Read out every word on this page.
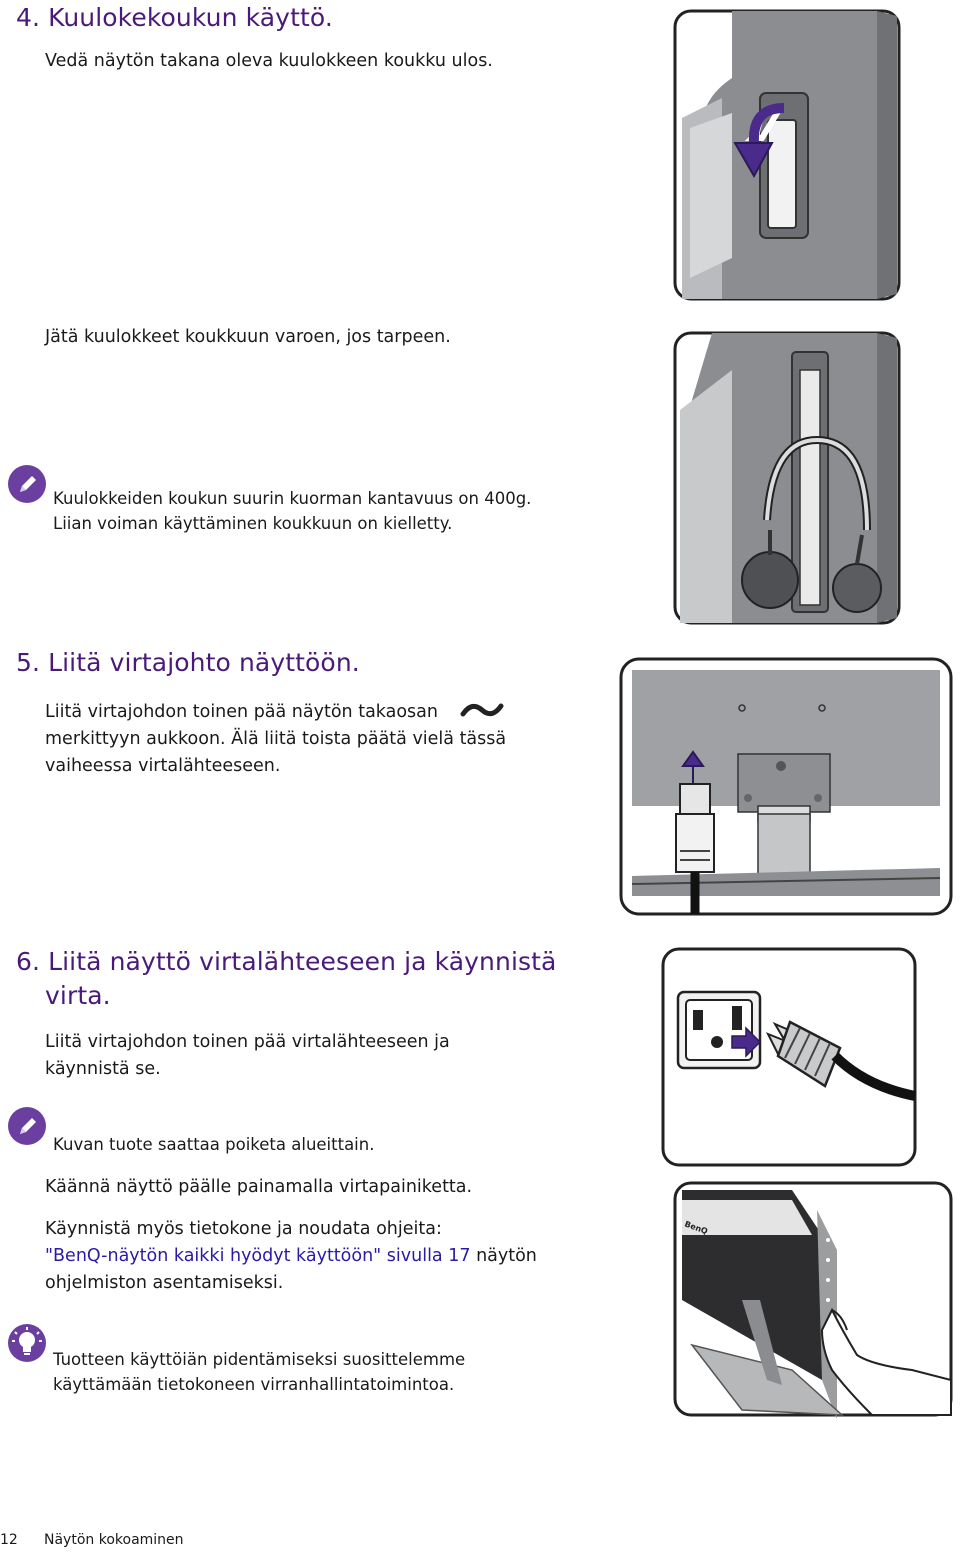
4. Kuulokekoukun käyttö.
Vedä näytön takana oleva kuulokkeen koukku ulos.
Jätä kuulokkeet koukkuun varoen, jos tarpeen.
Kuulokkeiden koukun suurin kuorman kantavuus on 400g.
Liian voiman käyttäminen koukkuun on kielletty.
5. Liitä virtajohto näyttöön.
Liitä virtajohdon toinen pää näytön takaosan
merkittyyn aukkoon. Älä liitä toista päätä vielä tässä
vaiheessa virtalähteeseen.
6. Liitä näyttö virtalähteeseen ja käynnistä
virta.
Liitä virtajohdon toinen pää virtalähteeseen ja
käynnistä se.
Kuvan tuote saattaa poiketa alueittain.
Käännä näyttö päälle painamalla virtapainiketta.
Käynnistä myös tietokone ja noudata ohjeita:
"BenQ-näytön kaikki hyödyt käyttöön" sivulla 17 näytön
ohjelmiston asentamiseksi.
Tuotteen käyttöiän pidentämiseksi suosittelemme
käyttämään tietokoneen virranhallintatoimintoa.
BenQ
12 Näytön kokoaminen
